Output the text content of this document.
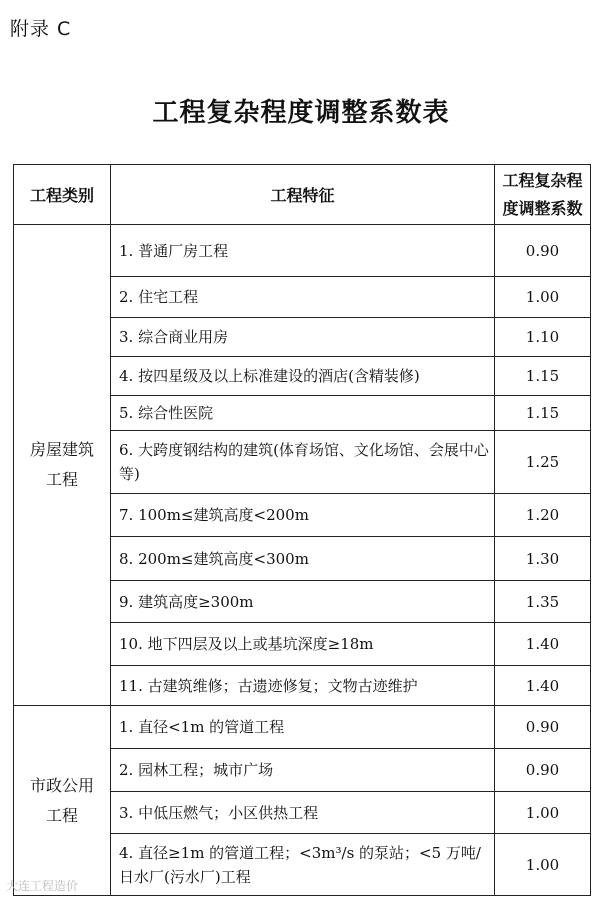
附录 C
工程复杂程度调整系数表
工程类别	工程特征	工程复杂程
度调整系数

房屋建筑
工程	1. 普通厂房工程	0.90
	2. 住宅工程	1.00
	3. 综合商业用房	1.10
	4. 按四星级及以上标准建设的酒店(含精装修)	1.15
	5. 综合性医院	1.15
	6. 大跨度钢结构的建筑(体育场馆、文化场馆、会展中心等)	1.25
	7. 100m≤建筑高度<200m	1.20
	8. 200m≤建筑高度<300m	1.30
	9. 建筑高度≥300m	1.35
	10. 地下四层及以上或基坑深度≥18m	1.40
	11. 古建筑维修；古遗迹修复；文物古迹维护	1.40

市政公用
工程	1. 直径<1m 的管道工程	0.90
	2. 园林工程；城市广场	0.90
	3. 中低压燃气；小区供热工程	1.00
	4. 直径≥1m 的管道工程；<3m³/s 的泵站；<5 万吨/日水厂(污水厂)工程	1.00
大连工程造价
